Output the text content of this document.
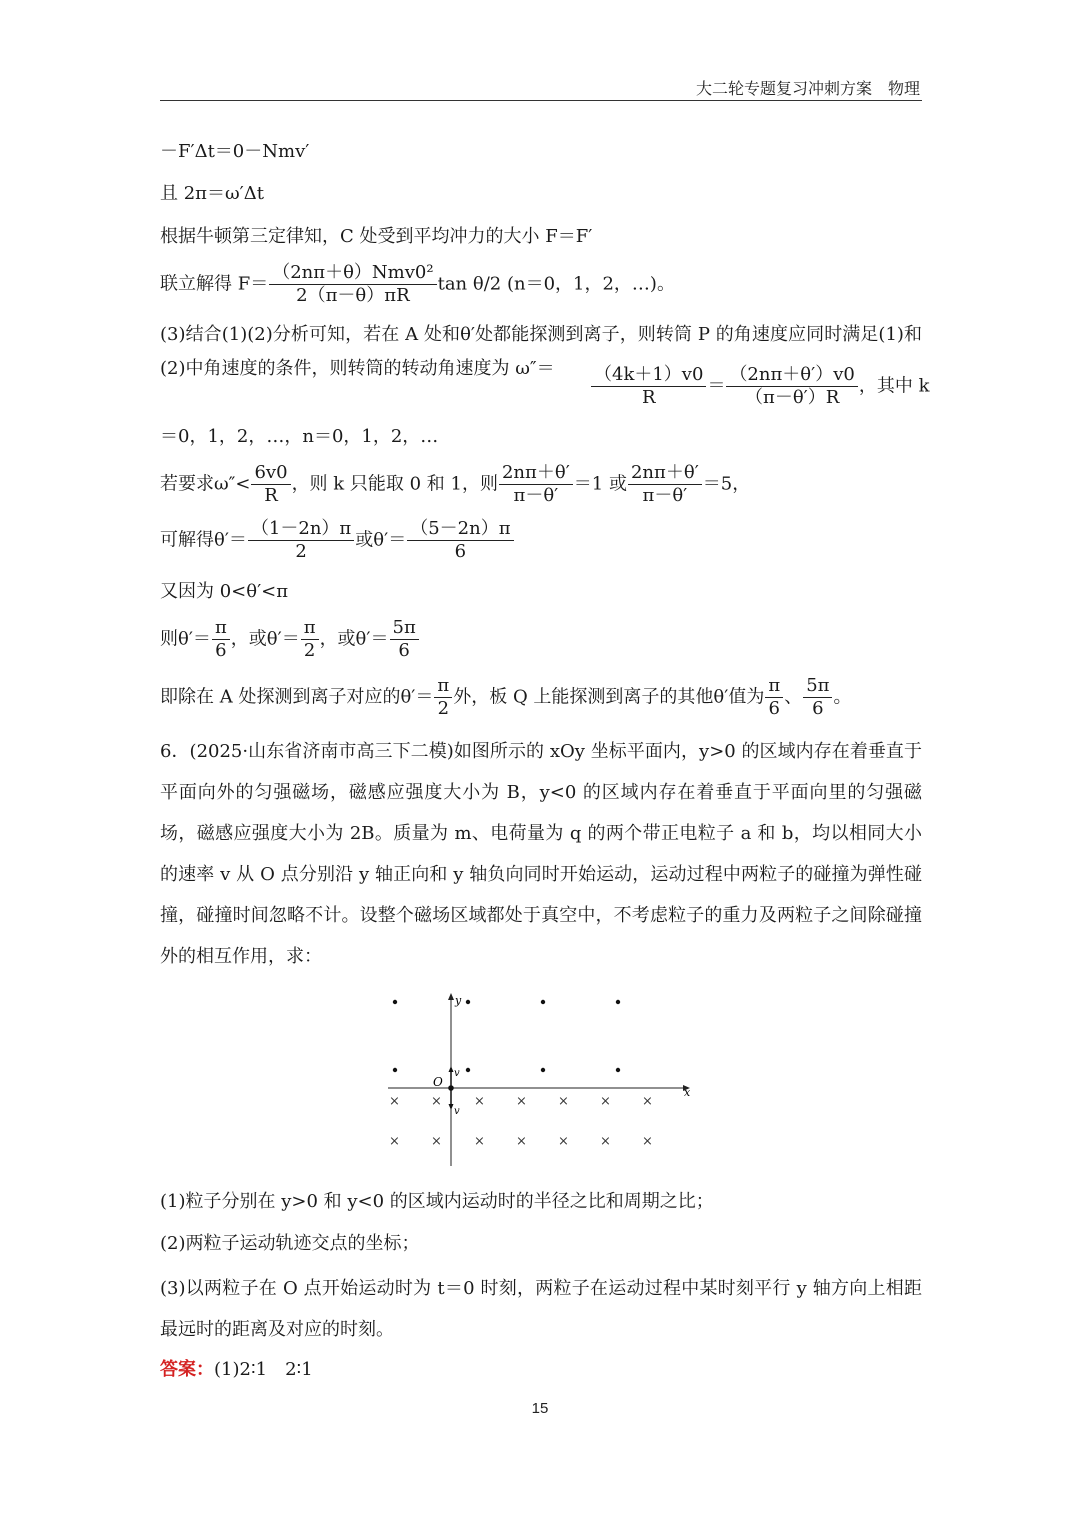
大二轮专题复习冲刺方案　物理
－F′Δt＝0－Nmv′
且 2π＝ω′Δt
根据牛顿第三定律知，C 处受到平均冲力的大小 F＝F′
联立解得 $F= \frac{\text{（2nπ＋θ）Nmv0²}}{2(\pi-\theta)\pi R}$ tan θ/2 (n＝0，1，2，…)。

(3)结合(1)(2)分析可知，若在 A 处和θ′处都能探测到离子，则转筒 P 的角速度应同时满足(1)和(2)中角速度的条件，则转筒的转动角速度为 ω″＝	$\frac{(4k+1)v0}{R} = \frac{(2n\pi+\theta')v0}{(\pi-\theta')R}$ ，其中 k
＝0，1，2，…，n＝0，1，2，…
若要求$\omega''< \frac{6v0}{R}$ ，则 k 只能取 0 和 1，则 $\frac{2n\pi+\theta'}{\pi-\theta'} =1$ 或 $\frac{2n\pi+\theta'}{\pi-\theta'} =5$，
可解得$\theta'= \frac{(1-2n)\pi}{2}$ 或$\theta'= \frac{(5-2n)\pi}{6}$
又因为 0<θ′<π
则$\theta'= \frac{\pi}{6}$ ，或$\theta'= \frac{\pi}{2}$ ，或$\theta'= \frac{5\pi}{6}$
即除在 A 处探测到离子对应的$\theta'= \frac{\pi}{2}$ 外，板 Q 上能探测到离子的其他θ′值为 $\frac{\pi}{6}$ 、 $\frac{5\pi}{6}$ 。

6．(2025·山东省济南市高三下二模)如图所示的 xOy 坐标平面内，y>0 的区域内存在着垂直于平面向外的匀强磁场，磁感应强度大小为 B，y<0 的区域内存在着垂直于平面向里的匀强磁场，磁感应强度大小为 2B。质量为 m、电荷量为 q 的两个带正电粒子 a 和 b，均以相同大小的速率 v 从 O 点分别沿 y 轴正向和 y 轴负向同时开始运动，运动过程中两粒子的碰撞为弹性碰撞，碰撞时间忽略不计。设整个磁场区域都处于真空中，不考虑粒子的重力及两粒子之间除碰撞外的相互作用，求：

y
x
O
v
v
× × × × × × ×
× × × × × × ×
(1)粒子分别在 y>0 和 y<0 的区域内运动时的半径之比和周期之比；
(2)两粒子运动轨迹交点的坐标；

(3)以两粒子在 O 点开始运动时为 t＝0 时刻，两粒子在运动过程中某时刻平行 y 轴方向上相距最远时的距离及对应的时刻。

答案：(1)2∶1　2∶1
15
